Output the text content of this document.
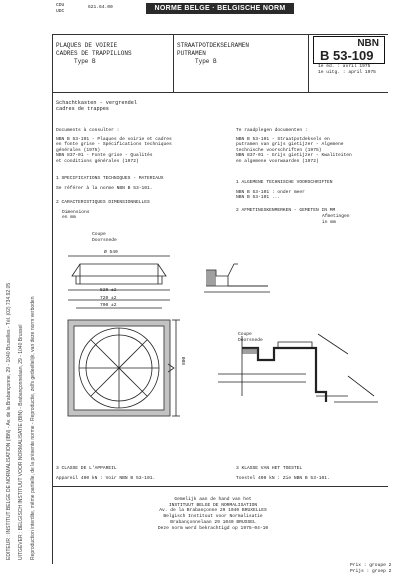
CDU
UDC
621.64.00	NORME BELGE · BELGISCHE NORM
PLAQUES DE VOIRIE
CADRES DE TRAPPILLONS
Type B
STRAATPOTDEKSELRAMEN
PUTRAMEN
Type B
NBN
B 53-109
1e éd. : avril 1975
1e uitg. : april 1975
EDITEUR : INSTITUT BELGE DE NORMALISATION (IBN) - Av. de la Brabançonne, 29 - 1040 Bruxelles - Tél. (02) 734.92.05 UITGEVER : BELGISCH INSTITUUT VOOR NORMALISATIE (BIN) - Brabançonnelaan, 29 - 1040 Brussel Reproduction interdite, même partielle, de la présente norme - Reproductie, zelfs gedeeltelijk, van deze norm verboden
Schachtkasten - vergrendel
cadres de trappes
Documents à consulter :
NBN B 53-101 - Plaques de voirie et cadres
en fonte grise - Spécifications techniques
générales (1975)
NBN 837-01 - Fonte grise - Qualités
et conditions générales (1972)
1 SPECIFICATIONS TECHNIQUES - MATERIAUX
Se référer à la norme NBN B 53-101.
2 CARACTERISTIQUES DIMENSIONNELLES
Dimensions
en mm
Coupe
Doorsnede
Ø 540
520 ±2
720 ±2
700 ±2
800
3 CLASSE DE L'APPAREIL
Appareil 400 kN : Voir NBN B 53-101.
Te raadplegen documenten :
NBN B 53-101 - Straatpotdeksels en
putramen van grijs gietijzer - Algemene
technische voorschriften (1975)
NBN 837-01 - Grijs gietijzer - Kwaliteiten
en algemene voorwaarden (1972)
1 ALGEMENE TECHNISCHE VOORSCHRIFTEN
NBN B 53-101 : onder meer
NBN B 53-101 ...
2 AFMETINGSKENMERKEN - GEMETEN IN MM
Afmetingen
in mm
Coupe
Doorsnede
3 KLASSE VAN HET TOESTEL
Toestel 400 kN : Zie NBN B 53-101.
Gemelijk aan de hand van het
INSTITUUT BELGE DE NORMALISATION
Av. de la Brabançonne 29 1040 BRUXELLES
Belgisch Instituut voor Normalisatie
Brabançonnelaan 29 1040 BRUSSEL
Deze norm werd bekrachtigd op 1975-04-10
Prix : groupe 2
Prijs : groep 2
